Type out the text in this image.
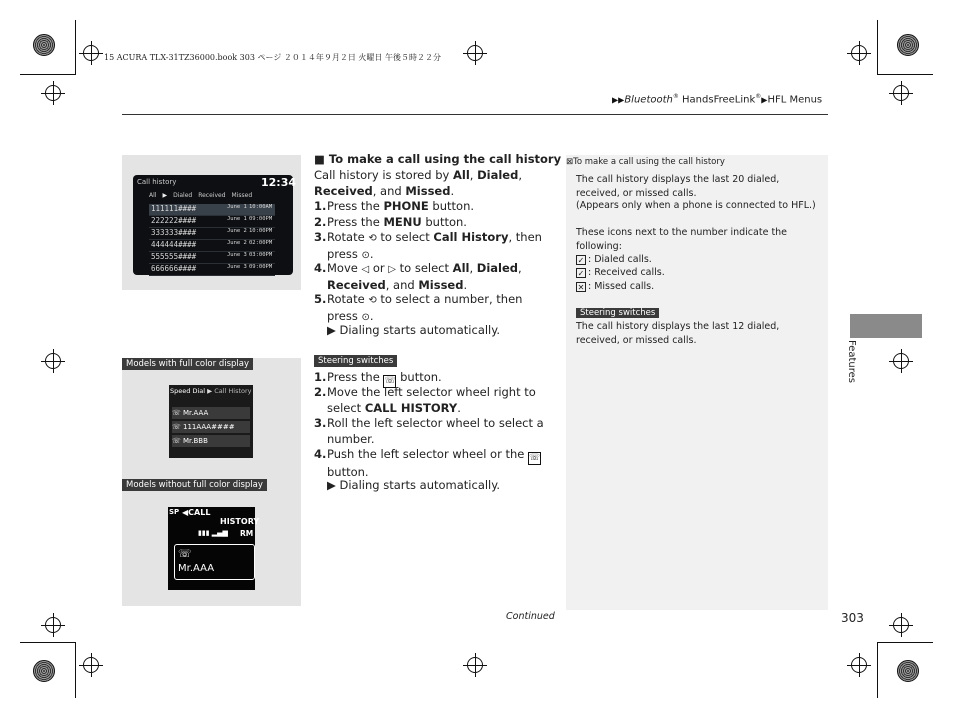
15 ACURA TLX-31TZ36000.book 303 ページ ２０１４年９月２日 火曜日 午後５時２２分
▶▶Bluetooth® HandsFreeLink®▶HFL Menus
Call history	12:34
All ▶ Dialed Received Missed
111111####	June 1 10:00AM
222222####	June 1 09:00PM
333333####	June 2 10:00PM
444444####	June 2 02:00PM
555555####	June 3 03:00PM
666666####	June 3 09:00PM
Models with full color display
Speed Dial ▶ Call History
☏ Mr.AAA
☏ 111AAA####
☏ Mr.BBB
Models without full color display
SP ◀CALL
HISTORY
▮▮▮ ▂▄▆ RM
☏
Mr.AAA
■ To make a call using the call history
Call history is stored by All, Dialed, Received, and Missed.
1.Press the PHONE button.
2.Press the MENU button.
3.Rotate ⟲ to select Call History, then press ⊙.
4.Move ◁ or ▷ to select All, Dialed, Received, and Missed.
5.Rotate ⟲ to select a number, then press ⊙.
▶ Dialing starts automatically.
Steering switches
1.Press the ☏ button.
2.Move the left selector wheel right to select CALL HISTORY.
3.Roll the left selector wheel to select a number.
4.Push the left selector wheel or the ☏ button.
▶ Dialing starts automatically.
⊠To make a call using the call history
The call history displays the last 20 dialed, received, or missed calls.
(Appears only when a phone is connected to HFL.)
These icons next to the number indicate the following:
✓ : Dialed calls.
✓ : Received calls.
✕ : Missed calls.
Steering switches
The call history displays the last 12 dialed, received, or missed calls.	Features
Continued	303
